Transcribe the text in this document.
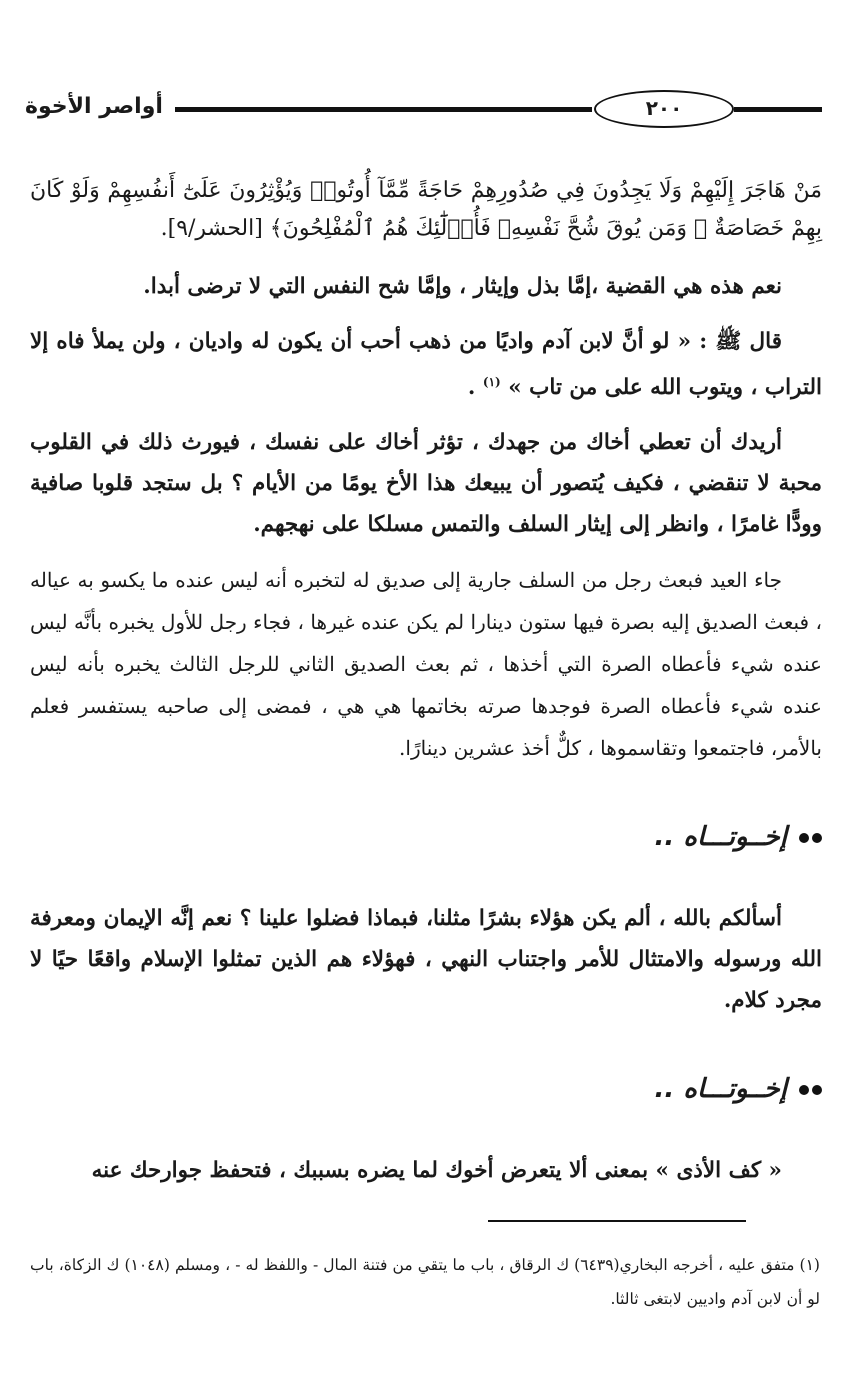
أواصر الأخوة	٢٠٠

مَنْ هَاجَرَ إِلَيْهِمْ وَلَا يَجِدُونَ فِي صُدُورِهِمْ حَاجَةً مِّمَّآ أُوتُوا۟ وَيُؤْثِرُونَ عَلَىٰٓ أَنفُسِهِمْ وَلَوْ كَانَ بِهِمْ خَصَاصَةٌ ۚ وَمَن يُوقَ شُحَّ نَفْسِهِۦ فَأُو۟لَٰٓئِكَ هُمُ ٱلْمُفْلِحُونَ﴾ [الحشر/٩].

نعم هذه هي القضية ،إمَّا بذل وإيثار ، وإمَّا شح النفس التي لا ترضى أبدا.

قال ﷺ : « لو أنَّ لابن آدم واديًا من ذهب أحب أن يكون له واديان ، ولن يملأ فاه إلا التراب ، ويتوب الله على من تاب » $^{(١)}$ .

أريدك أن تعطي أخاك من جهدك ، تؤثر أخاك على نفسك ، فيورث ذلك في القلوب محبة لا تنقضي ، فكيف يُتصور أن يبيعك هذا الأخ يومًا من الأيام ؟ بل ستجد قلوبا صافية وودًّا غامرًا ، وانظر إلى إيثار السلف والتمس مسلكا على نهجهم.

جاء العيد فبعث رجل من السلف جارية إلى صديق له لتخبره أنه ليس عنده ما يكسو به عياله ، فبعث الصديق إليه بصرة فيها ستون دينارا لم يكن عنده غيرها ، فجاء رجل للأول يخبره بأنَّه ليس عنده شيء فأعطاه الصرة التي أخذها ، ثم بعث الصديق الثاني للرجل الثالث يخبره بأنه ليس عنده شيء فأعطاه الصرة فوجدها صرته بخاتمها هي هي ، فمضى إلى صاحبه يستفسر فعلم بالأمر، فاجتمعوا وتقاسموها ، كلٌّ أخذ عشرين دينارًا.

إخــوتـــاه ..

أسألكم بالله ، ألم يكن هؤلاء بشرًا مثلنا، فبماذا فضلوا علينا ؟ نعم إنَّه الإيمان ومعرفة الله ورسوله والامتثال للأمر واجتناب النهي ، فهؤلاء هم الذين تمثلوا الإسلام واقعًا حيًا لا مجرد كلام.

إخــوتـــاه ..

« كف الأذى » بمعنى ألا يتعرض أخوك لما يضره بسببك ، فتحفظ جوارحك عنه

(١) متفق عليه ، أخرجه البخاري(٦٤٣٩) ك الرقاق ، باب ما يتقي من فتنة المال - واللفظ له - ، ومسلم (١٠٤٨) ك الزكاة، باب لو أن لابن آدم واديين لابتغى ثالثا.
